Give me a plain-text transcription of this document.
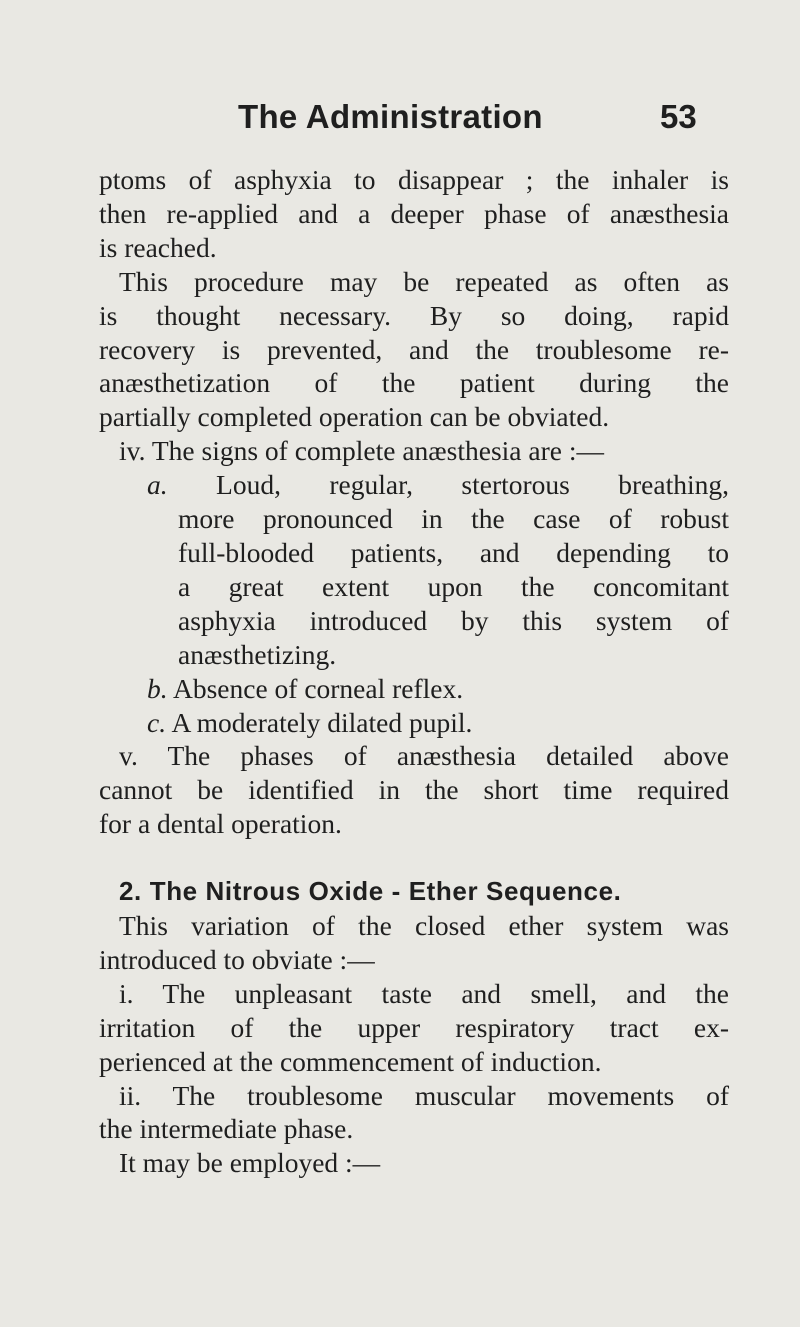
The Administration	53
ptoms of asphyxia to disappear ; the inhaler is
then re-applied and a deeper phase of anæsthesia
is reached.
This procedure may be repeated as often as
is thought necessary. By so doing, rapid
recovery is prevented, and the troublesome re-
anæsthetization of the patient during the
partially completed operation can be obviated.
iv. The signs of complete anæsthesia are :—
a. Loud, regular, stertorous breathing,
more pronounced in the case of robust
full-blooded patients, and depending to
a great extent upon the concomitant
asphyxia introduced by this system of
anæsthetizing.
b. Absence of corneal reflex.
c. A moderately dilated pupil.
v. The phases of anæsthesia detailed above
cannot be identified in the short time required
for a dental operation.
2. The Nitrous Oxide - Ether Sequence.
This variation of the closed ether system was
introduced to obviate :—
i. The unpleasant taste and smell, and the
irritation of the upper respiratory tract ex-
perienced at the commencement of induction.
ii. The troublesome muscular movements of
the intermediate phase.
It may be employed :—
